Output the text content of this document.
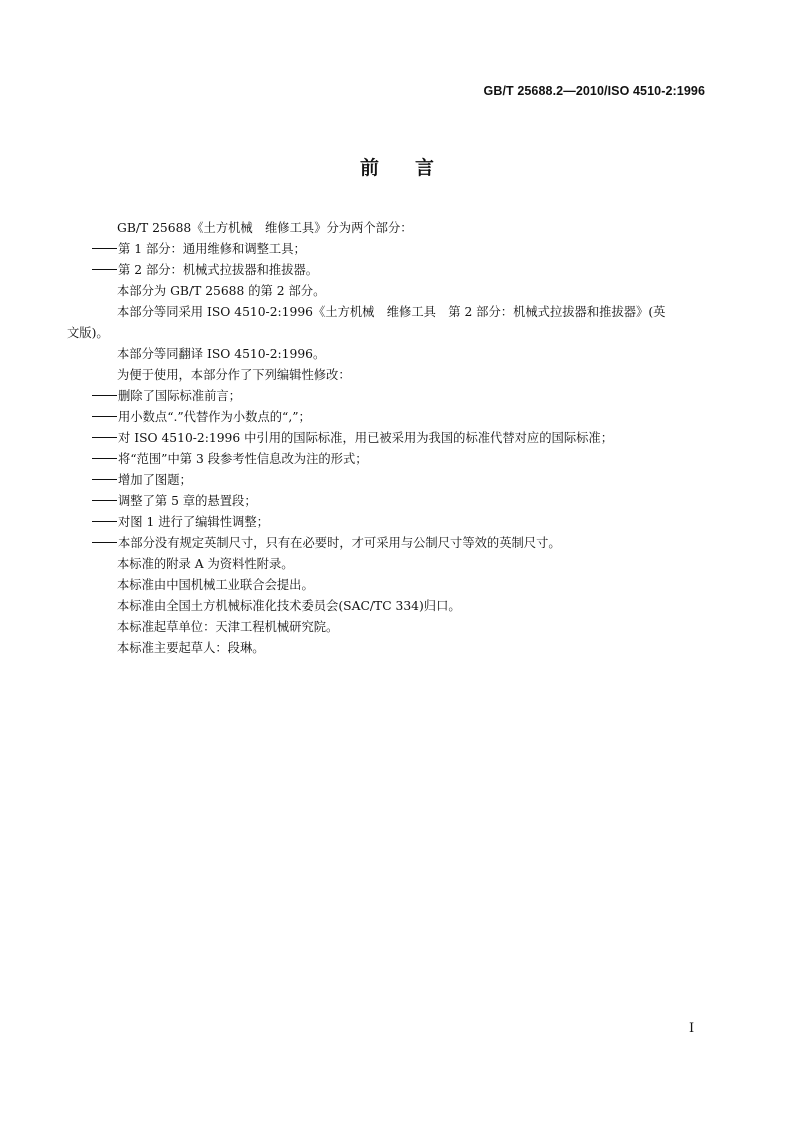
GB/T 25688.2—2010/ISO 4510-2:1996
前言

GB/T 25688《土方机械　维修工具》分为两个部分：

第 1 部分：通用维修和调整工具；
第 2 部分：机械式拉拔器和推拔器。

本部分为 GB/T 25688 的第 2 部分。

本部分等同采用 ISO 4510-2:1996《土方机械　维修工具　第 2 部分：机械式拉拔器和推拔器》(英
文版)。

本部分等同翻译 ISO 4510-2:1996。

为便于使用，本部分作了下列编辑性修改：

删除了国际标准前言；
用小数点“.”代替作为小数点的“,”；
对 ISO 4510-2:1996 中引用的国际标准，用已被采用为我国的标准代替对应的国际标准；
将“范围”中第 3 段参考性信息改为注的形式；
增加了图题；
调整了第 5 章的悬置段；
对图 1 进行了编辑性调整；
本部分没有规定英制尺寸，只有在必要时，才可采用与公制尺寸等效的英制尺寸。

本标准的附录 A 为资料性附录。

本标准由中国机械工业联合会提出。

本标准由全国土方机械标准化技术委员会(SAC/TC 334)归口。

本标准起草单位：天津工程机械研究院。

本标准主要起草人：段琳。

Ⅰ
